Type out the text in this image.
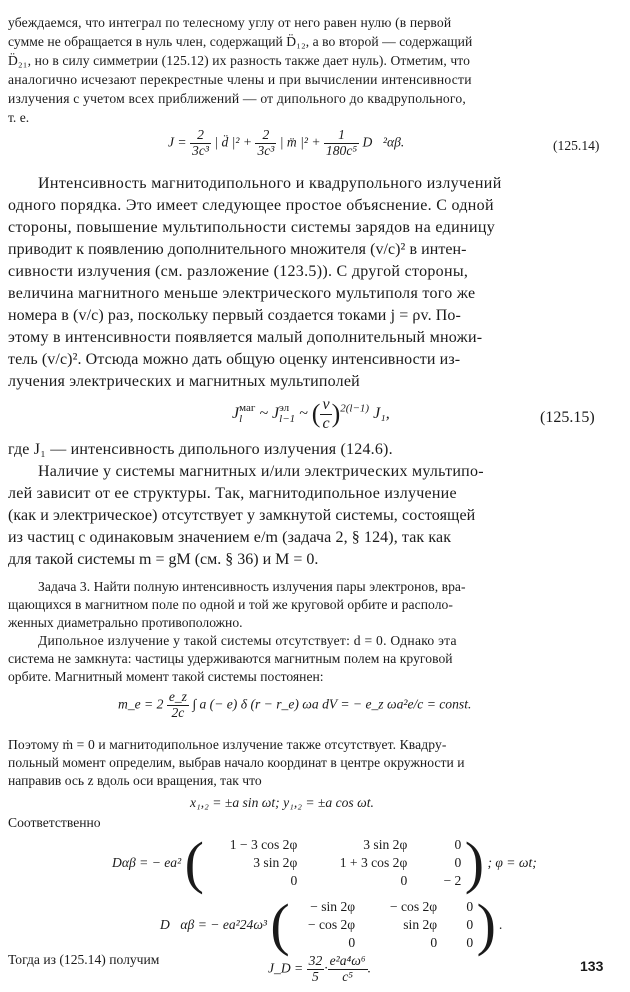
убеждаемся, что интеграл по телесному углу от него равен нулю (в первой
сумме не обращается в нуль член, содержащий D̈₁₂, а во второй — содержащий
D̈₂₁, но в силу симметрии (125.12) их разность также дает нуль). Отметим, что
аналогично исчезают перекрестные члены и при вычислении интенсивности
излучения с учетом всех приближений — от дипольного до квадрупольного,
т. е.
$J = \frac{2}{\text{3c³}}$ | d̈ $|^2 + \frac{2}{\text{3c³}}$ | m̈ $|^2 + \frac{1}{\text{180c⁵}}$ D⃛²αβ.	(125.14)
Интенсивность магнитодипольного и квадрупольного излучений
одного порядка. Это имеет следующее простое объяснение. С одной
стороны, повышение мультипольности системы зарядов на единицу
приводит к появлению дополнительного множителя (v/c)² в интен-
сивности излучения (см. разложение (123.5)). С другой стороны,
величина магнитного меньше электрического мультиполя того же
номера в (v/c) раз, поскольку первый создается токами j = ρv. По-
этому в интенсивности появляется малый дополнительный множи-
тель (v/c)². Отсюда можно дать общую оценку интенсивности из-
лучения электрических и магнитных мультиполей
J маг
l ~ J эл
l−1 ~ ( $\frac{v}{c} )^{2(l-1)}$ J₁,	(125.15)
где J₁ — интенсивность дипольного излучения (124.6).
Наличие у системы магнитных и/или электрических мультипо-
лей зависит от ее структуры. Так, магнитодипольное излучение
(как и электрическое) отсутствует у замкнутой системы, состоящей
из частиц с одинаковым значением e/m (задача 2, § 124), так как
для такой системы m = gM (см. § 36) и M = 0.
Задача 3. Найти полную интенсивность излучения пары электронов, вра-
щающихся в магнитном поле по одной и той же круговой орбите и располо-
женных диаметрально противоположно.
Дипольное излучение у такой системы отсутствует: d = 0. Однако эта
система не замкнута: частицы удерживаются магнитным полем на круговой
орбите. Магнитный момент такой системы постоянен:
m_e = $2 \frac{e\_z}{2c}$ ∫ a (− e) δ (r − r_e) ωa dV = − e_z ωa²e/c = const.
Поэтому ṁ = 0 и магнитодипольное излучение также отсутствует. Квадру-
польный момент определим, выбрав начало координат в центре окружности и
направив ось z вдоль оси вращения, так что
x₁,₂ = ±a sin ωt; y₁,₂ = ±a cos ωt.
Соответственно
Dαβ = − ea² (	1 − 3 cos 2φ	3 sin 2φ	0
3 sin 2φ	1 + 3 cos 2φ	0
0	0	− 2 ) ; φ = ωt;
D⃛αβ = − ea²24ω³ (	− sin 2φ	− cos 2φ	0
− cos 2φ	sin 2φ	0
0	0	0 ) .
Тогда из (125.14) получим
J_D = $\frac{32}{5} \cdot \frac{\text{e²a⁴ω⁶}}{\text{c⁵}}$ .	133
